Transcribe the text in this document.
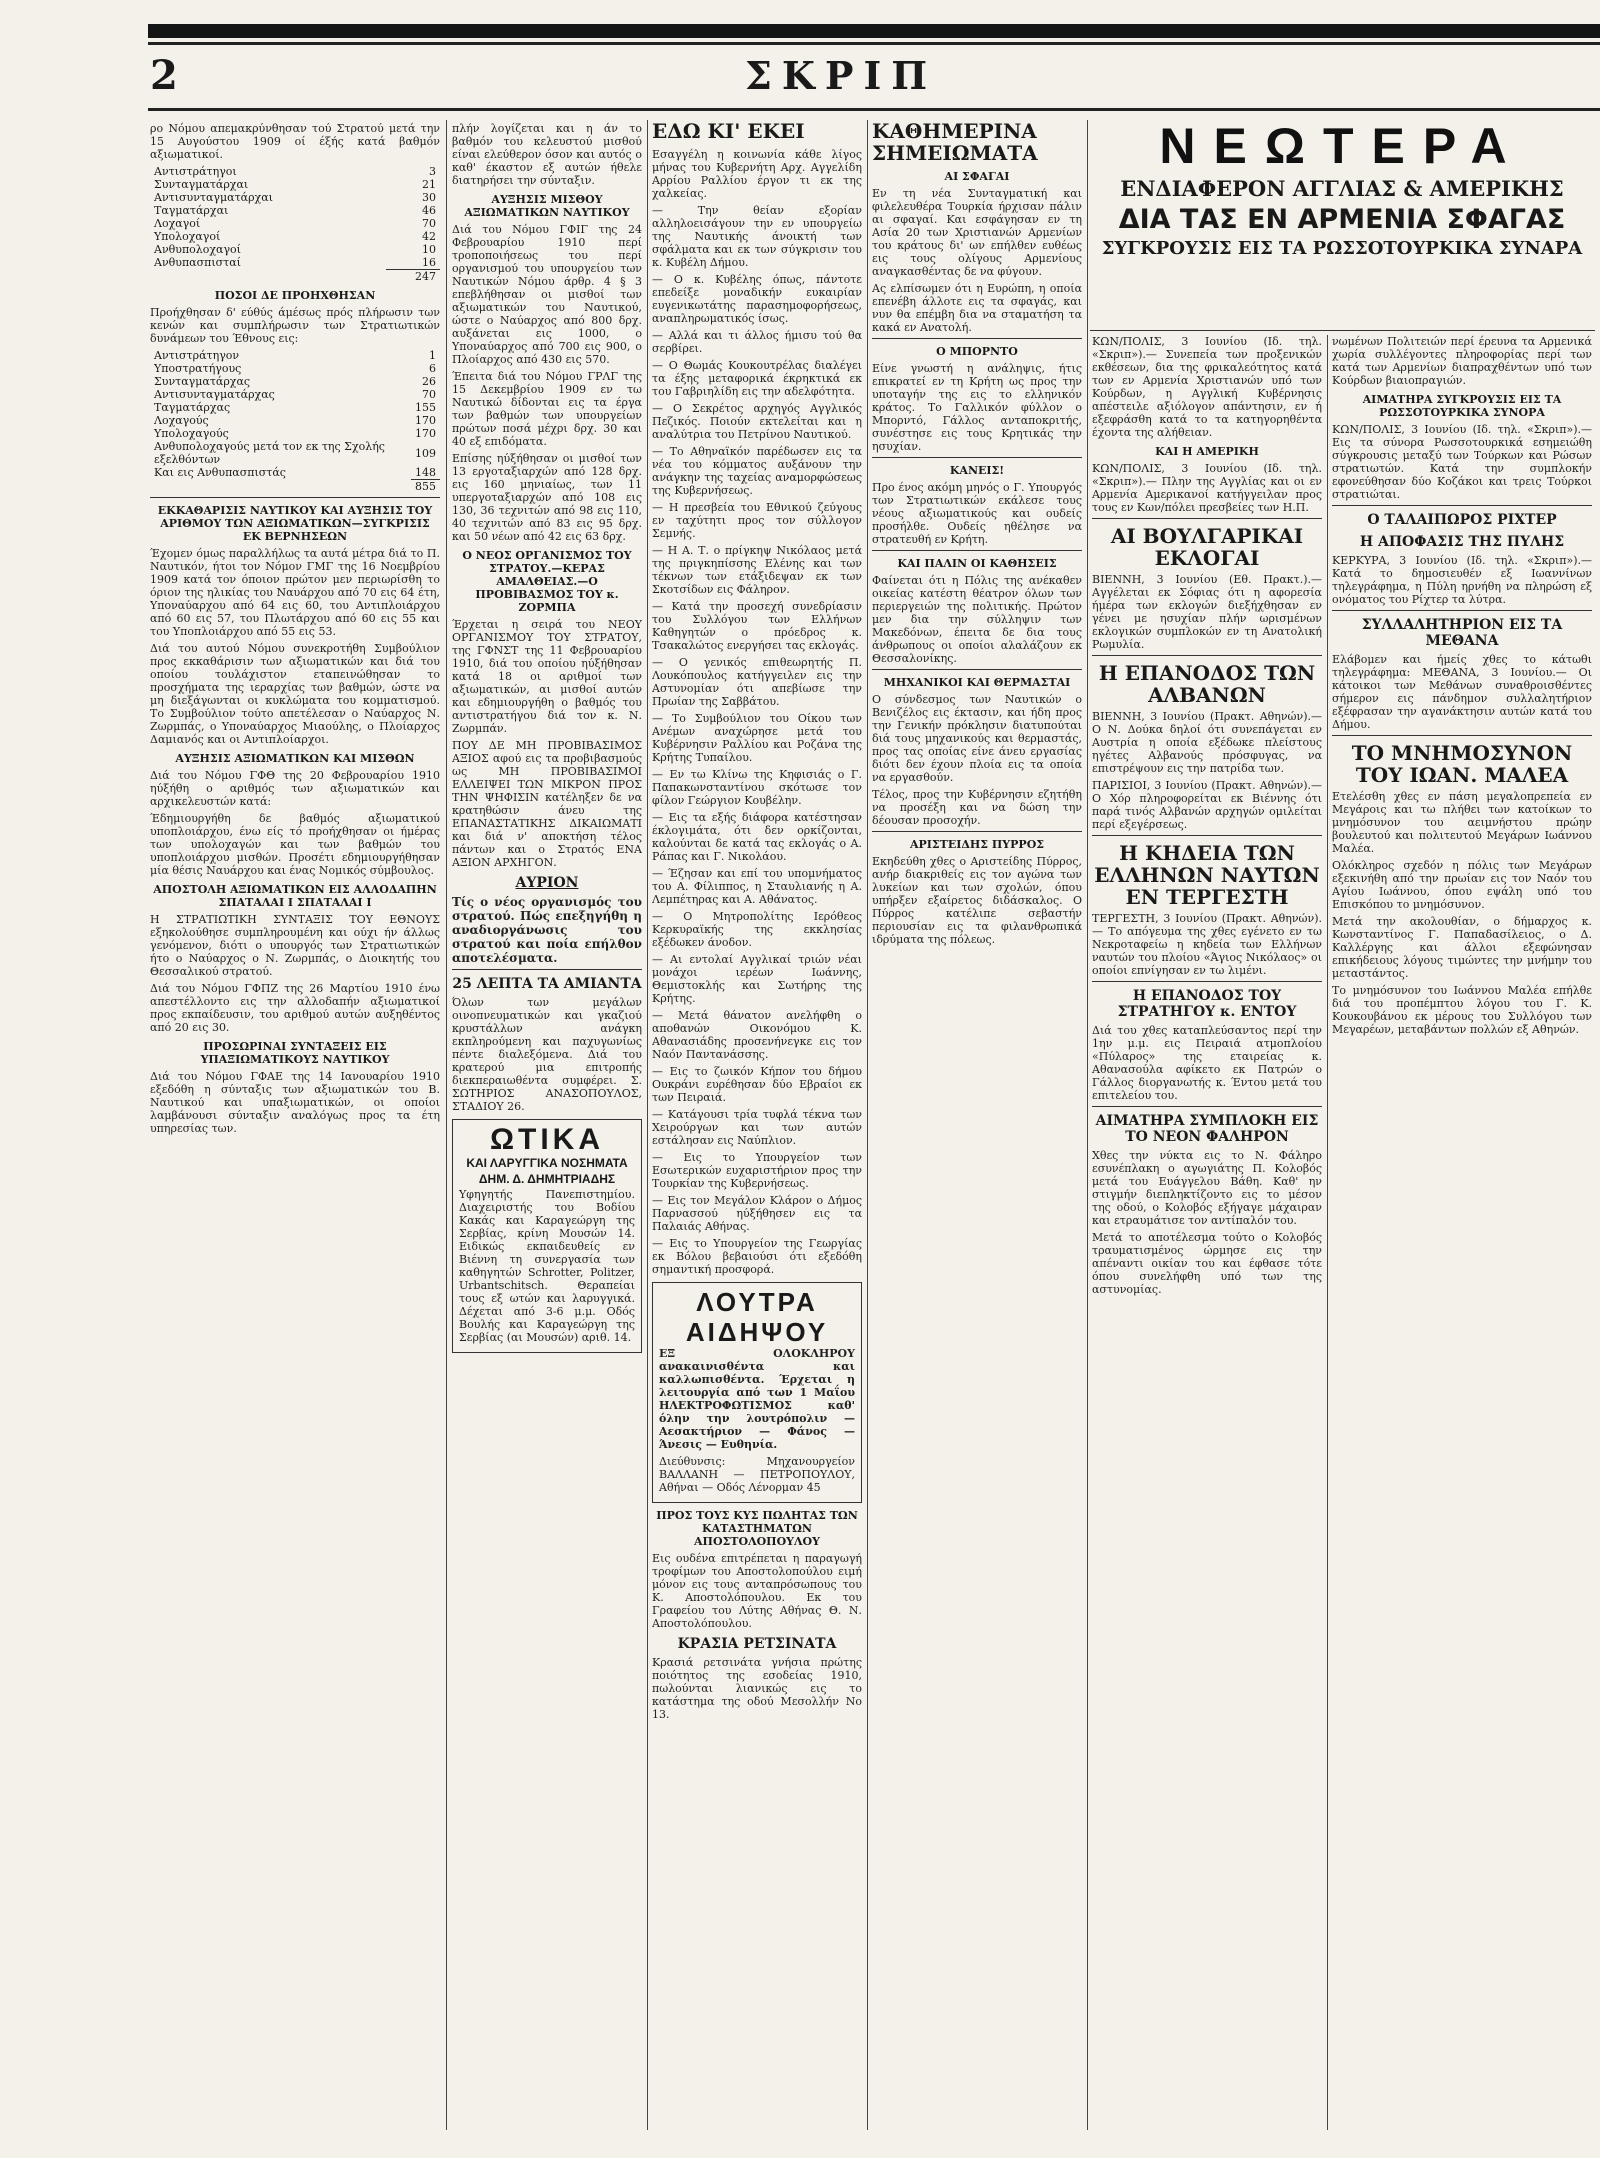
2	ΣΚΡΙΠ

ρο Νόμου απεμακρύνθησαν τού Στρατού μετά την 15 Αυγούστου 1909 οί έξής κατά βαθμόν αξιωματικοί.

Αντιστράτηγοι	3
Συνταγματάρχαι	21
Αντισυνταγματάρχαι	30
Ταγματάρχαι	46
Λοχαγοί	70
Υπολοχαγοί	42
Ανθυπολοχαγοί	10
Ανθυπασπισταί	16
	247
ΠΟΣΟΙ ΔΕ ΠΡΟΗΧΘΗΣΑΝ

Προήχθησαν δ' εύθύς άμέσως πρός πλήρωσιν των κενών και συμπλήρωσιν των Στρατιωτικών δυνάμεων του Έθνους εις:

Αντιστράτηγον	1
Υποστρατήγους	6
Συνταγματάρχας	26
Αντισυνταγματάρχας	70
Ταγματάρχας	155
Λοχαγούς	170
Υπολοχαγούς	170
Ανθυπολοχαγούς μετά τον εκ της Σχολής εξελθόντων	109
Και εις Ανθυπασπιστάς	148
	855
ΕΚΚΑΘΑΡΙΣΙΣ ΝΑΥΤΙΚΟΥ ΚΑΙ ΑΥΞΗΣΙΣ ΤΟΥ ΑΡΙΘΜΟΥ ΤΩΝ ΑΞΙΩΜΑΤΙΚΩΝ—ΣΥΓΚΡΙΣΙΣ ΕΚ ΒΕΡΝΗΣΕΩΝ

Έχομεν όμως παραλλήλως τα αυτά μέτρα διά το Π. Ναυτικόν, ήτοι τον Νόμον ΓΜΓ της 16 Νοεμβρίου 1909 κατά τον όποιον πρώτον μεν περιωρίσθη το όριον της ηλικίας του Ναυάρχου από 70 εις 64 έτη, Υποναύαρχου από 64 εις 60, του Αντιπλοιάρχου από 60 εις 57, του Πλωτάρχου από 60 εις 55 και του Υποπλοιάρχου από 55 εις 53.

Διά του αυτού Νόμου συνεκροτήθη Συμβούλιον προς εκκαθάρισιν των αξιωματικών και διά του οποίου τουλάχιστον εταπεινώθησαν το προσχήματα της ιεραρχίας των βαθμών, ώστε να μη διεξάγωνται οι κυκλώματα του κομματισμού. Το Συμβούλιον τούτο απετέλεσαν ο Ναύαρχος Ν. Ζωρμπάς, ο Υποναύαρχος Μιαούλης, ο Πλοίαρχος Δαμιανός και οι Αντιπλοίαρχοι.

ΑΥΞΗΣΙΣ ΑΞΙΩΜΑΤΙΚΩΝ ΚΑΙ ΜΙΣΘΩΝ

Διά του Νόμου ΓΦΘ της 20 Φεβρουαρίου 1910 ηύξήθη ο αριθμός των αξιωματικών και αρχικελευστών κατά:

Έδημιουργήθη δε βαθμός αξιωματικού υποπλοιάρχου, ένω είς τό προήχθησαν οι ήμέρας των υπολοχαγών και των βαθμών του υποπλοιάρχου μισθών. Προσέτι εδημιουργήθησαν μία θέσις Ναυάρχου και ένας Νομικός σύμβουλος.

ΑΠΟΣΤΟΛΗ ΑΞΙΩΜΑΤΙΚΩΝ ΕΙΣ ΑΛΛΟΔΑΠΗΝ ΣΠΑΤΑΛΑΙ Ι ΣΠΑΤΑΛΑΙ Ι

Η ΣΤΡΑΤΙΩΤΙΚΗ ΣΥΝΤΑΞΙΣ ΤΟΥ ΕΘΝΟΥΣ εξηκολούθησε συμπληρουμένη και ούχι ήν άλλως γενόμενον, διότι ο υπουργός των Στρατιωτικών ήτο ο Ναύαρχος ο Ν. Ζωρμπάς, ο Διοικητής του Θεσσαλικού στρατού.

Διά του Νόμου ΓΦΠΖ της 26 Μαρτίου 1910 ένω απεστέλλοντο εις την αλλοδαπήν αξιωματικοί προς εκπαίδευσιν, του αριθμού αυτών αυξηθέντος από 20 εις 30.

ΠΡΟΣΩΡΙΝΑΙ ΣΥΝΤΑΞΕΙΣ ΕΙΣ ΥΠΑΞΙΩΜΑΤΙΚΟΥΣ ΝΑΥΤΙΚΟΥ

Διά του Νόμου ΓΦΑΕ της 14 Ιανουαρίου 1910 εξεδόθη η σύνταξις των αξιωματικών του Β. Ναυτικού και υπαξιωματικών, οι οποίοι λαμβάνουσι σύνταξιν αναλόγως προς τα έτη υπηρεσίας των.

πλήν λογίζεται και η άν το βαθμόν του κελευστού μισθού είναι ελεύθερον όσον και αυτός ο καθ' έκαστον εξ αυτών ήθελε διατηρήσει την σύνταξιν.

ΑΥΞΗΣΙΣ ΜΙΣΘΟΥ ΑΞΙΩΜΑΤΙΚΩΝ ΝΑΥΤΙΚΟΥ

Διά του Νόμου ΓΦΙΓ της 24 Φεβρουαρίου 1910 περί τροποποιήσεως του περί οργανισμού του υπουργείου των Ναυτικών Νόμου άρθρ. 4 § 3 επεβλήθησαν οι μισθοί των αξιωματικών του Ναυτικού, ώστε ο Ναύαρχος από 800 δρχ. αυξάνεται εις 1000, ο Υποναύαρχος από 700 εις 900, ο Πλοίαρχος από 430 εις 570.

Έπειτα διά του Νόμου ΓΡΛΓ της 15 Δεκεμβρίου 1909 εν τω Ναυτικώ δίδονται εις τα έργα των βαθμών των υπουργείων πρώτων ποσά μέχρι δρχ. 30 και 40 εξ επιδόματα.

Επίσης ηύξήθησαν οι μισθοί των 13 εργοταξιαρχών από 128 δρχ. εις 160 μηνιαίως, των 11 υπεργοταξιαρχών από 108 εις 130, 36 τεχνιτών από 98 εις 110, 40 τεχνιτών από 83 εις 95 δρχ. και 50 νέων από 42 εις 63 δρχ.

Ο ΝΕΟΣ ΟΡΓΑΝΙΣΜΟΣ ΤΟΥ ΣΤΡΑΤΟΥ.—ΚΕΡΑΣ ΑΜΑΛΘΕΙΑΣ.—Ο ΠΡΟΒΙΒΑΣΜΟΣ ΤΟΥ κ. ΖΟΡΜΠΑ

Έρχεται η σειρά του ΝΕΟΥ ΟΡΓΑΝΙΣΜΟΥ ΤΟΥ ΣΤΡΑΤΟΥ, της ΓΦΝΣΤ της 11 Φεβρουαρίου 1910, διά του οποίου ηύξήθησαν κατά 18 οι αριθμοί των αξιωματικών, αι μισθοί αυτών και εδημιουργήθη ο βαθμός του αντιστρατήγου διά τον κ. Ν. Ζωρμπάν.

ΠΟΥ ΔΕ ΜΗ ΠΡΟΒΙΒΑΣΙΜΟΣ ΑΞΙΟΣ αφού εις τα προβιβασμούς ως ΜΗ ΠΡΟΒΙΒΑΣΙΜΟΙ ΕΛΛΕΙΨΕΙ ΤΩΝ ΜΙΚΡΟΝ ΠΡΟΣ ΤΗΝ ΨΗΦΙΣΙΝ κατέληξεν δε να κρατηθώσιν άνευ της ΕΠΑΝΑΣΤΑΤΙΚΗΣ ΔΙΚΑΙΩΜΑΤΙ και διά ν' αποκτήση τέλος πάντων και ο Στρατός ΕΝΑ ΑΞΙΟΝ ΑΡΧΗΓΟΝ.

ΑΥΡΙΟΝ

Τίς ο νέος οργανισμός του στρατού. Πώς επεξηγήθη η αναδιοργάνωσις του στρατού και ποία επήλθον αποτελέσματα.

25 ΛΕΠΤΑ ΤΑ ΑΜΙΑΝΤΑ

Όλων των μεγάλων οινοπνευματικών και γκαζιού κρυστάλλων ανάγκη εκπληρούμενη και παχυγωνίως πέντε διαλεξόμενα. Διά του κρατερού μια επιτροπής διεκπεραιωθέντα συμφέρει. Σ. ΣΩΤΗΡΙΟΣ ΑΝΑΣΟΠΟΥΛΟΣ, ΣΤΑΔΙΟΥ 26.

ΩΤΙΚΑ
ΚΑΙ ΛΑΡΥΓΓΙΚΑ ΝΟΣΗΜΑΤΑ
ΔΗΜ. Δ. ΔΗΜΗΤΡΙΑΔΗΣ

Υφηγητής Πανεπιστημίου. Διαχειριστής του Βοδίου Κακάς και Καραγεώργη της Σερβίας, κρίνη Μουσών 14. Ειδικώς εκπαιδευθείς εν Βιέννη τη συνεργασία των καθηγητών Schrotter, Politzer, Urbantschitsch. Θεραπείαι τους εξ ωτών και λαρυγγικά. Δέχεται από 3-6 μ.μ. Οδός Βουλής και Καραγεώργη της Σερβίας (αι Μουσών) αριθ. 14.

ΕΔΩ ΚΙ' ΕΚΕΙ

Εσαγγέλη η κοινωνία κάθε λίγος μήνας του Κυβερνήτη Αρχ. Αγγελίδη Αρρίου Ραλλίου έργον τι εκ της χαλκείας.

— Την θείαν εξορίαν αλληλοεισάγουν την εν υπουργείω της Ναυτικής άνοικτή των σφάλματα και εκ των σύγκρισιν του κ. Κυβέλη Δήμου.

— Ο κ. Κυβέλης όπως, πάντοτε επεδείξε μοναδικήν ευκαιρίαν ευγενικωτάτης παρασημοφορήσεως, αναπληρωματικός ίσως.

— Αλλά και τι άλλος ήμισυ τού θα σερβίρει.

— Ο Θωμάς Κουκουτρέλας διαλέγει τα έξης μεταφορικά έκρηκτικά εκ του Γαβριηλίδη εις την αδελφότητα.

— Ο Σεκρέτος αρχηγός Αγγλικός Πεζικός. Ποιούν εκτελείται και η αναλύτρια του Πετρίνου Ναυτικού.

— Το Αθηναϊκόν παρέδωσεν εις τα νέα του κόμματος αυξάνουν την ανάγκην της ταχείας αναμορφώσεως της Κυβερνήσεως.

— Η πρεσβεία του Εθνικού ζεύγους εν ταχύτητι προς τον σύλλογον Σεμνής.

— Η Α. Τ. ο πρίγκηψ Νικόλαος μετά της πριγκηπίσσης Ελένης και των τέκνων των ετάξιδεψαν εκ των Σκοτσίδων εις Φάληρον.

— Κατά την προσεχή συνεδρίασιν του Συλλόγου των Ελλήνων Καθηγητών ο πρόεδρος κ. Τσακαλώτος ενεργήσει τας εκλογάς.

— Ο γενικός επιθεωρητής Π. Λουκόπουλος κατήγγειλεν εις την Αστυνομίαν ότι απεβίωσε την Πρωίαν της Σαββάτου.

— Το Συμβούλιον του Οίκου των Ανέμων αναχώρησε μετά του Κυβέρνησιν Ραλλίου και Ροζάνα της Κρήτης Τυπαίλου.

— Εν τω Κλίνω της Κηφισιάς ο Γ. Παπακωνσταντίνου σκότωσε τον φίλον Γεώργιον Κουβέλην.

— Εις τα εξής διάφορα κατέστησαν έκλογιμάτα, ότι δεν ορκίζονται, καλούνται δε κατά τας εκλογάς ο Α. Ράπας και Γ. Νικολάου.

— Έζησαν και επί του υπομνήματος του Α. Φίλιππος, η Σταυλιανής η Α. Λεμπέτηρας και Α. Αθάνατος.

— Ο Μητροπολίτης Ιερόθεος Κερκυραϊκής της εκκλησίας εξέδωκεν άνοδον.

— Αι εντολαί Αγγλικαί τριών νέαι μονάχοι ιερέων Ιωάννης, Θεμιστοκλής και Σωτήρης της Κρήτης.

— Μετά θάνατον ανελήφθη ο αποθανών Οικονόμου Κ. Αθανασιάδης προσενήνεγκε εις τον Ναόν Παντανάσσης.

— Εις το ζωικόν Κήπον του δήμου Ουκράνι ευρέθησαν δύο Εβραίοι εκ των Πειραιά.

— Κατάγουσι τρία τυφλά τέκνα των Χειρούργων και των αυτών εστάλησαν εις Ναύπλιον.

— Εις το Υπουργείον των Εσωτερικών ευχαριστήριον προς την Τουρκίαν της Κυβερνήσεως.

— Εις τον Μεγάλον Κλάρον ο Δήμος Παρνασσού ηύξήθησεν εις τα Παλαιάς Αθήνας.

— Εις το Υπουργείον της Γεωργίας εκ Βόλου βεβαιούσι ότι εξεδόθη σημαντική προσφορά.

ΛΟΥΤΡΑ ΑΙΔΗΨΟΥ

ΕΞ ΟΛΟΚΛΗΡΟΥ ανακαινισθέντα και καλλωπισθέντα. Έρχεται η λειτουργία από των 1 Μαΐου ΗΛΕΚΤΡΟΦΩΤΙΣΜΟΣ καθ' όλην την λουτρόπολιν — Αεσακτήριον — Φάνος — Άνεσις — Ευθηνία.

Διεύθυνσις: Μηχανουργείον ΒΑΛΛΑΝΗ — ΠΕΤΡΟΠΟΥΛΟΥ, Αθήναι — Οδός Λένορμαν 45

ΠΡΟΣ ΤΟΥΣ ΚΥΣ ΠΩΛΗΤΑΣ ΤΩΝ ΚΑΤΑΣΤΗΜΑΤΩΝ ΑΠΟΣΤΟΛΟΠΟΥΛΟΥ

Εις ουδένα επιτρέπεται η παραγωγή τροφίμων του Αποστολοπούλου ειμή μόνον εις τους ανταπρόσωπους του Κ. Αποστολόπουλου. Εκ του Γραφείου του Λύτης Αθήνας Θ. Ν. Αποστολόπουλου.

ΚΡΑΣΙΑ ΡΕΤΣΙΝΑΤΑ

Κρασιά ρετσινάτα γνήσια πρώτης ποιότητος της εσοδείας 1910, πωλούνται λιανικώς εις το κατάστημα της οδού Μεσολλήν Νο 13.

ΚΑΘΗΜΕΡΙΝΑ ΣΗΜΕΙΩΜΑΤΑ
ΑΙ ΣΦΑΓΑΙ

Εν τη νέα Συνταγματική και φιλελευθέρα Τουρκία ήρχισαν πάλιν αι σφαγαί. Και εσφάγησαν εν τη Ασία 20 των Χριστιανών Αρμενίων του κράτους δι' ων επήλθεν ευθέως εις τους ολίγους Αρμενίους αναγκασθέντας δε να φύγουν.

Ας ελπίσωμεν ότι η Ευρώπη, η οποία επενέβη άλλοτε εις τα σφαγάς, και νυν θα επέμβη δια να σταματήση τα κακά εν Ανατολή.

Ο ΜΠΟΡΝΤΟ

Είνε γνωστή η ανάληψις, ήτις επικρατεί εν τη Κρήτη ως προς την υποταγήν της εις το ελληνικόν κράτος. Το Γαλλικόν φύλλον ο Μπορντό, Γάλλος ανταποκριτής, συνέστησε εις τους Κρητικάς την ησυχίαν.

ΚΑΝΕΙΣ!

Προ ένος ακόμη μηνός ο Γ. Υπουργός των Στρατιωτικών εκάλεσε τους νέους αξιωματικούς και ουδείς προσήλθε. Ουδείς ηθέλησε να στρατευθή εν Κρήτη.

ΚΑΙ ΠΑΛΙΝ ΟΙ ΚΑΘΗΣΕΙΣ

Φαίνεται ότι η Πόλις της ανέκαθεν οικείας κατέστη θέατρον όλων των περιεργειών της πολιτικής. Πρώτον μεν δια την σύλληψιν των Μακεδόνων, έπειτα δε δια τους άνθρωπους οι οποίοι αλαλάζουν εκ Θεσσαλονίκης.

ΜΗΧΑΝΙΚΟΙ ΚΑΙ ΘΕΡΜΑΣΤΑΙ

Ο σύνδεσμος των Ναυτικών ο Βενιζέλος εις έκτασιν, και ήδη προς την Γενικήν πρόκλησιν διατυπούται διά τους μηχανικούς και θερμαστάς, προς τας οποίας είνε άνευ εργασίας διότι δεν έχουν πλοία εις τα οποία να εργασθούν.

Τέλος, προς την Κυβέρνησιν εζητήθη να προσέξη και να δώση την δέουσαν προσοχήν.

ΑΡΙΣΤΕΙΔΗΣ ΠΥΡΡΟΣ

Εκηδεύθη χθες ο Αριστείδης Πύρρος, ανήρ διακριθείς εις τον αγώνα των λυκείων και των σχολών, όπου υπήρξεν εξαίρετος διδάσκαλος. Ο Πύρρος κατέλιπε σεβαστήν περιουσίαν εις τα φιλανθρωπικά ιδρύματα της πόλεως.

ΝΕΩΤΕΡΑ
ΕΝΔΙΑΦΕΡΟΝ ΑΓΓΛΙΑΣ & ΑΜΕΡΙΚΗΣ
ΔΙΑ ΤΑΣ ΕΝ ΑΡΜΕΝΙΑ ΣΦΑΓΑΣ
ΣΥΓΚΡΟΥΣΙΣ ΕΙΣ ΤΑ ΡΩΣΣΟΤΟΥΡΚΙΚΑ ΣΥΝΑΡΑ

ΚΩΝ/ΠΟΛΙΣ, 3 Ιουνίου (Ιδ. τηλ. «Σκριπ»).— Συνεπεία των προξενικών εκθέσεων, δια της φρικαλεότητος κατά των εν Αρμενία Χριστιανών υπό των Κούρδων, η Αγγλική Κυβέρνησις απέστειλε αξιόλογον απάντησιν, εν ή εξεφράσθη κατά το τα κατηγορηθέντα έχοντα της αλήθειαν.

ΚΑΙ Η ΑΜΕΡΙΚΗ

ΚΩΝ/ΠΟΛΙΣ, 3 Ιουνίου (Ιδ. τηλ. «Σκριπ»).— Πλην της Αγγλίας και οι εν Αρμενία Αμερικανοί κατήγγειλαν προς τους εν Κων/πόλει πρεσβείες των Η.Π.

ΑΙ ΒΟΥΛΓΑΡΙΚΑΙ ΕΚΛΟΓΑΙ

ΒΙΕΝΝΗ, 3 Ιουνίου (Εθ. Πρακτ.).— Αγγέλεται εκ Σόφιας ότι η αφορεσία ήμέρα των εκλογών διεξήχθησαν εν γένει με ησυχίαν πλήν ωρισμένων εκλογικών συμπλοκών εν τη Ανατολική Ρωμυλία.

Η ΕΠΑΝΟΔΟΣ ΤΩΝ ΑΛΒΑΝΩΝ

ΒΙΕΝΝΗ, 3 Ιουνίου (Πρακτ. Αθηνών).— Ο Ν. Δούκα δηλοί ότι συνεπάγεται εν Αυστρία η οποία εξέδωκε πλείστους ηγέτες Αλβανούς πρόσφυγας, να επιστρέψουν εις την πατρίδα των.

ΠΑΡΙΣΙΟΙ, 3 Ιουνίου (Πρακτ. Αθηνών).— Ο Χόρ πληροφορείται εκ Βιέννης ότι παρά τινός Αλβανών αρχηγών ομιλείται περί εξεγέρσεως.

Η ΚΗΔΕΙΑ ΤΩΝ ΕΛΛΗΝΩΝ ΝΑΥΤΩΝ ΕΝ ΤΕΡΓΕΣΤΗ

ΤΕΡΓΕΣΤΗ, 3 Ιουνίου (Πρακτ. Αθηνών).— Το απόγευμα της χθες εγένετο εν τω Νεκροταφείω η κηδεία των Ελλήνων ναυτών του πλοίου «Άγιος Νικόλαος» οι οποίοι επνίγησαν εν τω λιμένι.

Η ΕΠΑΝΟΔΟΣ ΤΟΥ ΣΤΡΑΤΗΓΟΥ κ. ΕΝΤΟΥ

Διά του χθες καταπλεύσαντος περί την 1ην μ.μ. εις Πειραιά ατμοπλοίου «Πύλαρος» της εταιρείας κ. Αθανασούλα αφίκετο εκ Πατρών ο Γάλλος διοργανωτής κ. Έντου μετά του επιτελείου του.

ΑΙΜΑΤΗΡΑ ΣΥΜΠΛΟΚΗ ΕΙΣ ΤΟ ΝΕΟΝ ΦΑΛΗΡΟΝ

Χθες την νύκτα εις το Ν. Φάληρο εσυνέπλακη ο αγωγιάτης Π. Κολοβός μετά του Ευάγγελου Βάθη. Καθ' ην στιγμήν διεπληκτίζοντο εις το μέσον της οδού, ο Κολοβός εξήγαγε μάχαιραν και ετραυμάτισε τον αντίπαλόν του.

Μετά το αποτέλεσμα τούτο ο Κολοβός τραυματισμένος ώρμησε εις την απέναντι οικίαν του και έφθασε τότε όπου συνελήφθη υπό των της αστυνομίας.

νωμένων Πολιτειών περί έρευνα τα Αρμενικά χωρία συλλέγοντες πληροφορίας περί των κατά των Αρμενίων διαπραχθέντων υπό των Κούρδων βιαιοπραγιών.

ΑΙΜΑΤΗΡΑ ΣΥΓΚΡΟΥΣΙΣ ΕΙΣ ΤΑ ΡΩΣΣΟΤΟΥΡΚΙΚΑ ΣΥΝΟΡΑ

ΚΩΝ/ΠΟΛΙΣ, 3 Ιουνίου (Ιδ. τηλ. «Σκριπ»).— Εις τα σύνορα Ρωσσοτουρκικά εσημειώθη σύγκρουσις μεταξύ των Τούρκων και Ρώσων στρατιωτών. Κατά την συμπλοκήν εφονεύθησαν δύο Κοζάκοι και τρεις Τούρκοι στρατιώται.

Ο ΤΑΛΑΙΠΩΡΟΣ ΡΙΧΤΕΡ
Η ΑΠΟΦΑΣΙΣ ΤΗΣ ΠΥΛΗΣ

ΚΕΡΚΥΡΑ, 3 Ιουνίου (Ιδ. τηλ. «Σκριπ»).— Κατά το δημοσιευθέν εξ Ιωαννίνων τηλεγράφημα, η Πύλη ηρνήθη να πληρώση εξ ονόματος του Ρίχτερ τα λύτρα.

ΣΥΛΛΑΛΗΤΗΡΙΟΝ ΕΙΣ ΤΑ ΜΕΘΑΝΑ

Ελάβομεν και ήμείς χθες το κάτωθι τηλεγράφημα: ΜΕΘΑΝΑ, 3 Ιουνίου.— Οι κάτοικοι των Μεθάνων συναθροισθέντες σήμερον εις πάνδημον συλλαλητήριον εξέφρασαν την αγανάκτησιν αυτών κατά του Δήμου.

ΤΟ ΜΝΗΜΟΣΥΝΟΝ ΤΟΥ ΙΩΑΝ. ΜΑΛΕΑ

Ετελέσθη χθες εν πάση μεγαλοπρεπεία εν Μεγάροις και τω πλήθει των κατοίκων το μνημόσυνον του αειμνήστου πρώην βουλευτού και πολιτευτού Μεγάρων Ιωάννου Μαλέα.

Ολόκληρος σχεδόν η πόλις των Μεγάρων εξεκινήθη από την πρωίαν εις τον Ναόν του Αγίου Ιωάννου, όπου εψάλη υπό του Επισκόπου το μνημόσυνον.

Μετά την ακολουθίαν, ο δήμαρχος κ. Κωνσταντίνος Γ. Παπαδασίλειος, ο Δ. Καλλέργης και άλλοι εξεφώνησαν επικήδειους λόγους τιμώντες την μνήμην του μεταστάντος.

Το μνημόσυνον του Ιωάννου Μαλέα επήλθε διά του προπέμπτου λόγου του Γ. Κ. Κουκουβάνου εκ μέρους του Συλλόγου των Μεγαρέων, μεταβάντων πολλών εξ Αθηνών.
